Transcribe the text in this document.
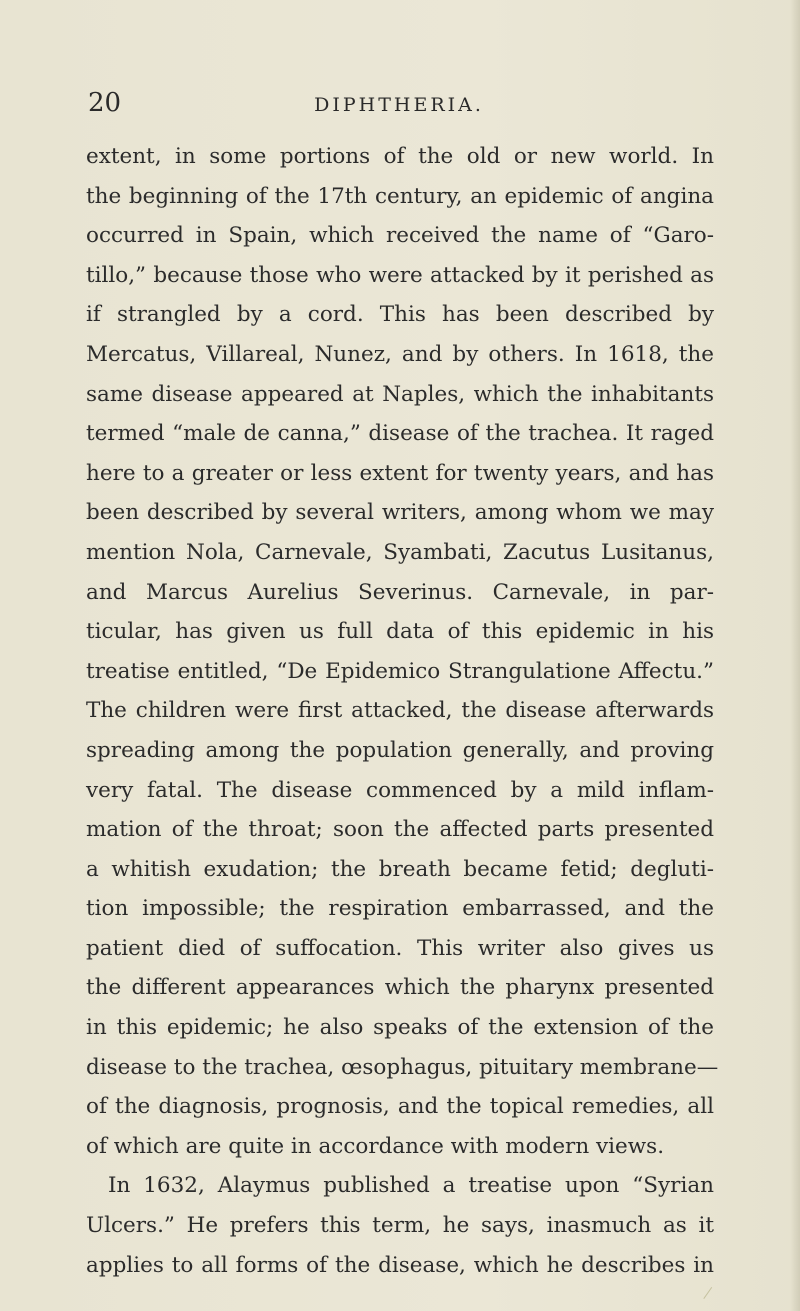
20	DIPHTHERIA.
extent, in some portions of the old or new world. In
the beginning of the 17th century, an epidemic of angina
occurred in Spain, which received the name of “Garo-
tillo,” because those who were attacked by it perished as
if strangled by a cord. This has been described by
Mercatus, Villareal, Nunez, and by others. In 1618, the
same disease appeared at Naples, which the inhabitants
termed “male de canna,” disease of the trachea. It raged
here to a greater or less extent for twenty years, and has
been described by several writers, among whom we may
mention Nola, Carnevale, Syambati, Zacutus Lusitanus,
and Marcus Aurelius Severinus. Carnevale, in par-
ticular, has given us full data of this epidemic in his
treatise entitled, “De Epidemico Strangulatione Affectu.”
The children were first attacked, the disease afterwards
spreading among the population generally, and proving
very fatal. The disease commenced by a mild inflam-
mation of the throat; soon the affected parts presented
a whitish exudation; the breath became fetid; degluti-
tion impossible; the respiration embarrassed, and the
patient died of suffocation. This writer also gives us
the different appearances which the pharynx presented
in this epidemic; he also speaks of the extension of the
disease to the trachea, œsophagus, pituitary membrane—
of the diagnosis, prognosis, and the topical remedies, all
of which are quite in accordance with modern views.
In 1632, Alaymus published a treatise upon “Syrian
Ulcers.” He prefers this term, he says, inasmuch as it
applies to all forms of the disease, which he describes in
